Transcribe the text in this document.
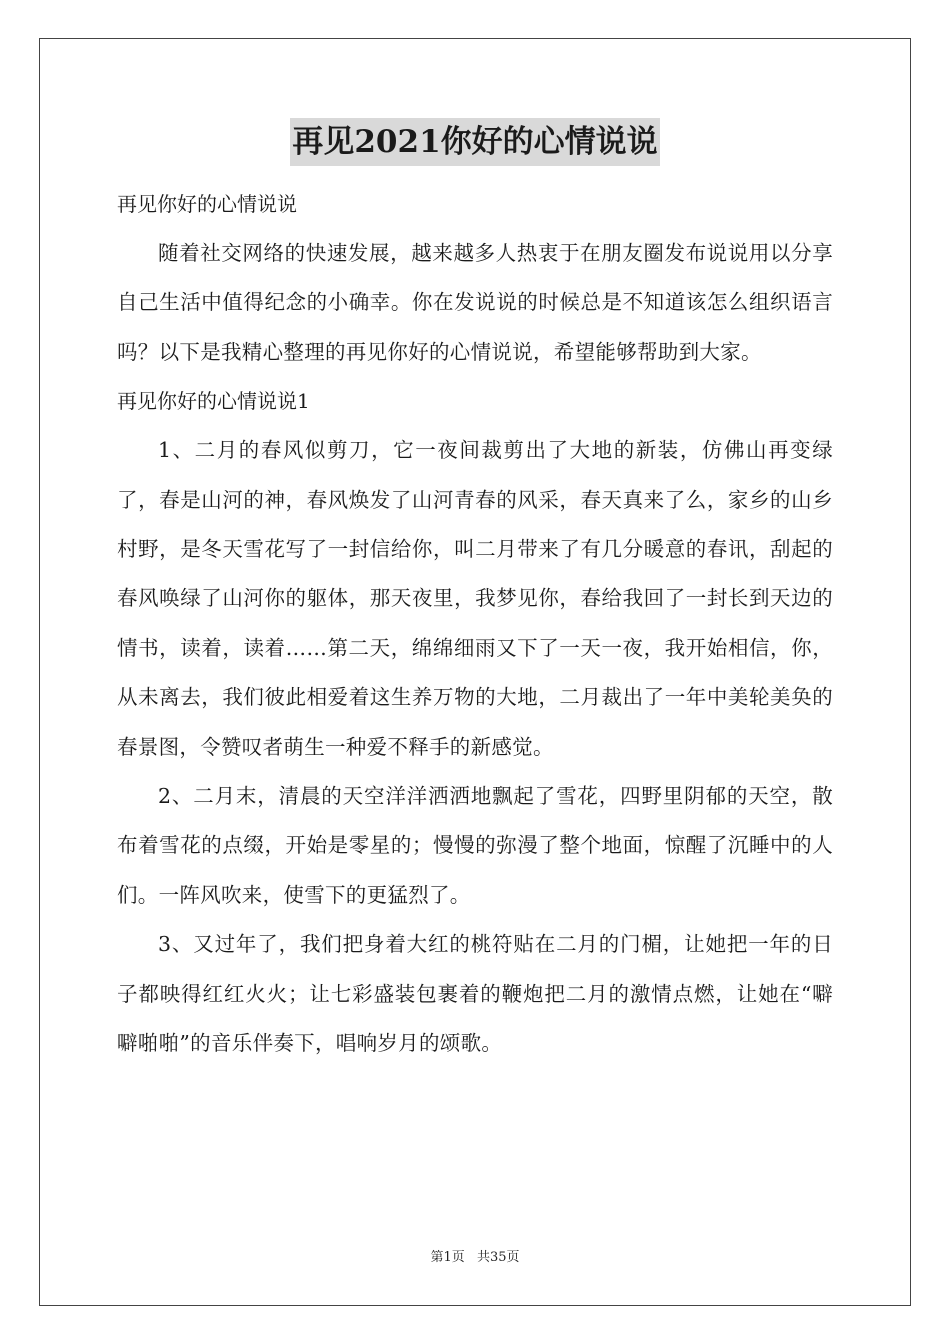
再见2021你好的心情说说
再见你好的心情说说

随着社交网络的快速发展，越来越多人热衷于在朋友圈发布说说用以分享自己生活中值得纪念的小确幸。你在发说说的时候总是不知道该怎么组织语言吗？以下是我精心整理的再见你好的心情说说，希望能够帮助到大家。

再见你好的心情说说1

1、二月的春风似剪刀，它一夜间裁剪出了大地的新装，仿佛山再变绿了，春是山河的神，春风焕发了山河青春的风采，春天真来了么，家乡的山乡村野，是冬天雪花写了一封信给你，叫二月带来了有几分暖意的春讯，刮起的春风唤绿了山河你的躯体，那天夜里，我梦见你，春给我回了一封长到天边的情书，读着，读着……第二天，绵绵细雨又下了一天一夜，我开始相信，你，从未离去，我们彼此相爱着这生养万物的大地，二月裁出了一年中美轮美奂的春景图，令赞叹者萌生一种爱不释手的新感觉。

2、二月末，清晨的天空洋洋洒洒地飘起了雪花，四野里阴郁的天空，散布着雪花的点缀，开始是零星的；慢慢的弥漫了整个地面，惊醒了沉睡中的人们。一阵风吹来，使雪下的更猛烈了。

3、又过年了，我们把身着大红的桃符贴在二月的门楣，让她把一年的日子都映得红红火火；让七彩盛装包裹着的鞭炮把二月的激情点燃，让她在“噼噼啪啪”的音乐伴奏下，唱响岁月的颂歌。

第1页 共35页
